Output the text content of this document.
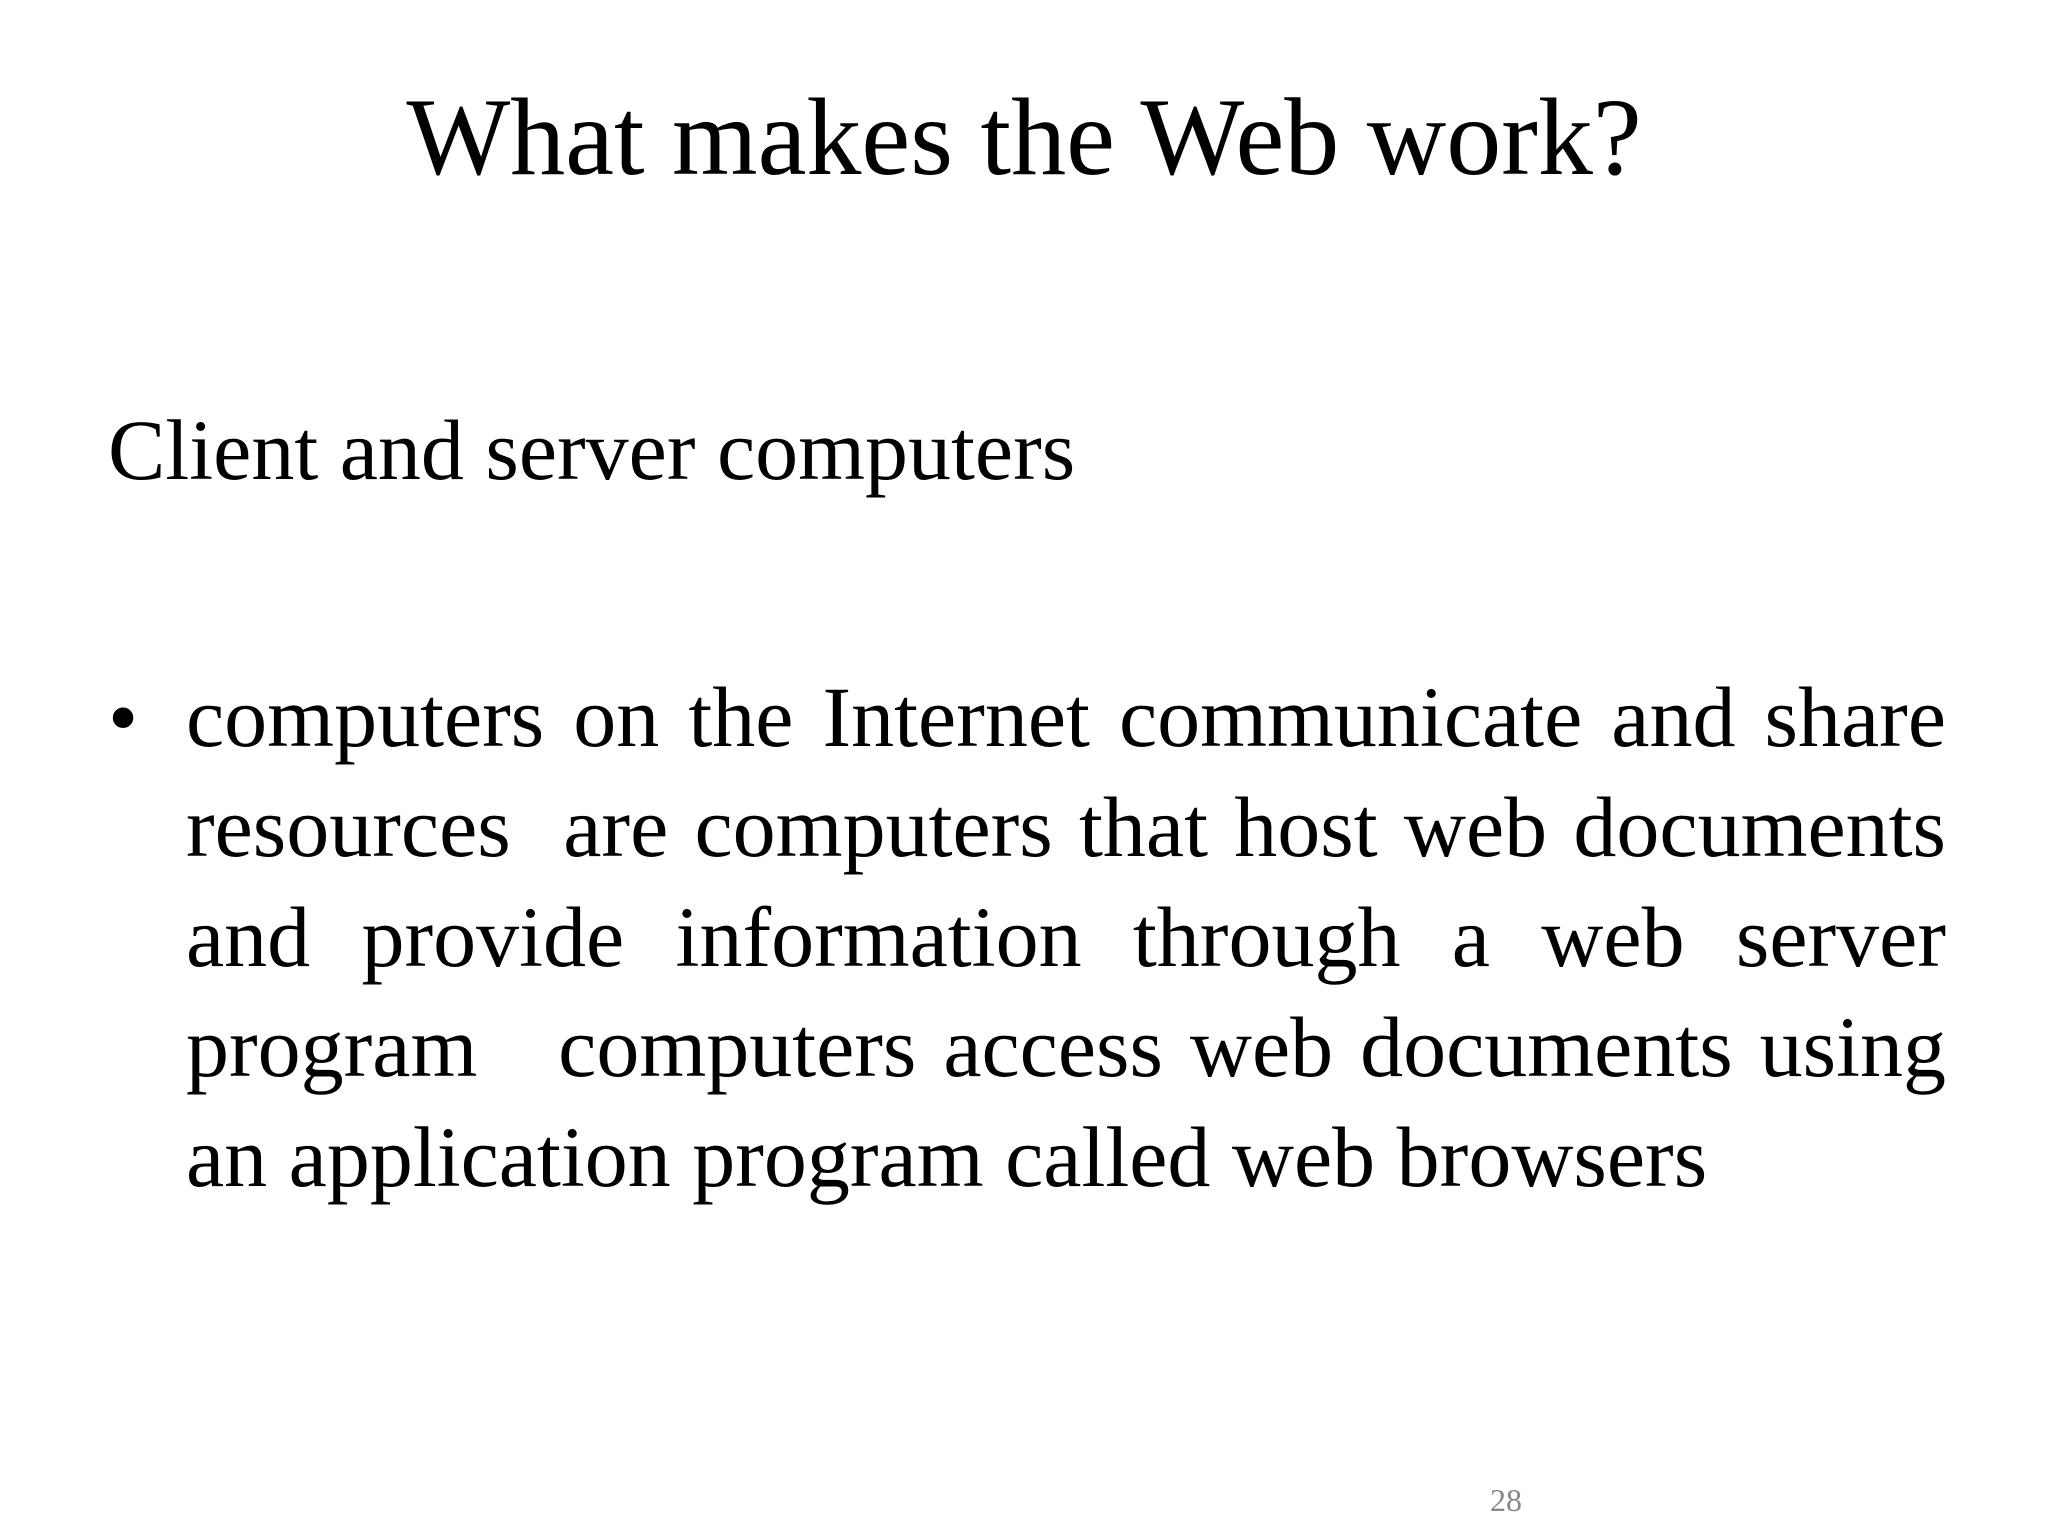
What makes the Web work?
Client and server computers
• computers on the Internet communicate and share resources  are computers that host web documents and provide information through a web server program   computers access web documents using an application program called web browsers
28
